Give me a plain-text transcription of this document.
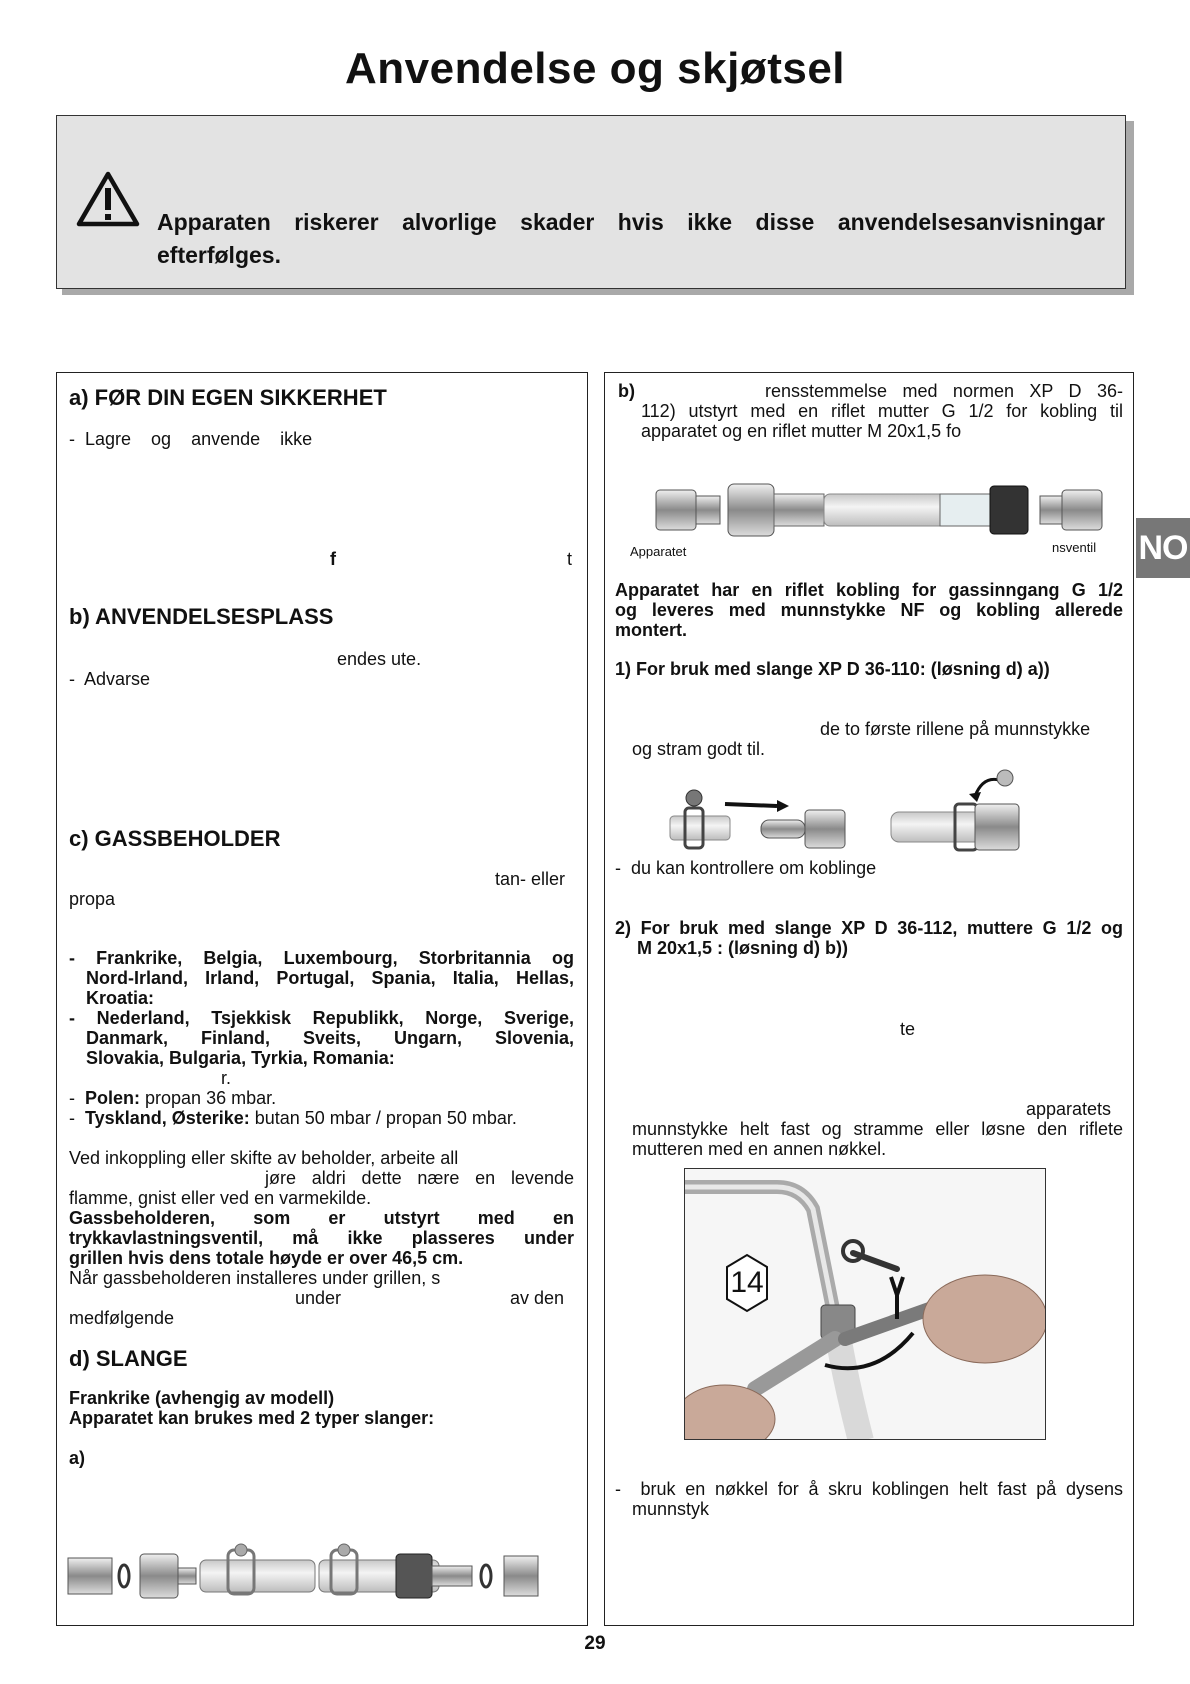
Anvendelse og skjøtsel
Apparaten riskerer alvorlige skader hvis ikke disse anvendelsesanvisningar efterfølges.
a) FØR DIN EGEN SIKKERHET
-  Lagre    og    anvende    ikke
f	t
b) ANVENDELSESPLASS
endes ute.
-  Advarse
c) GASSBEHOLDER
tan- eller
propa
- Frankrike, Belgia, Luxembourg, Storbritannia og
Nord-Irland, Irland, Portugal, Spania, Italia, Hellas,
Kroatia:
- Nederland, Tsjekkisk Republikk, Norge, Sverige,
Danmark, Finland, Sveits, Ungarn, Slovenia,
Slovakia, Bulgaria, Tyrkia, Romania:
r.
-  Polen: propan 36 mbar.
-  Tyskland, Østerike: butan 50 mbar / propan 50 mbar.
Ved inkoppling eller skifte av beholder, arbeite all
jøre aldri dette nære en levende
flamme, gnist eller ved en varmekilde.
Gassbeholderen, som er utstyrt med en
trykkavlastningsventil, må ikke plasseres under
grillen hvis dens totale høyde er over 46,5 cm.
Når gassbeholderen installeres under grillen, s
under	av den
medfølgende
d) SLANGE
Frankrike (avhengig av modell)
Apparatet kan brukes med 2 typer slanger:
a)
b)	rensstemmelse med normen XP D 36-
112) utstyrt med en riflet mutter G 1/2 for kobling til
apparatet og en riflet mutter M 20x1,5 fo
Apparatet	nsventil
Apparatet har en riflet kobling for gassinngang G 1/2
og leveres med munnstykke NF og kobling allerede
montert.
1) For bruk med slange XP D 36-110: (løsning d) a))
de to første rillene på munnstykke
og stram godt til.
-  du kan kontrollere om koblinge
2) For bruk med slange XP D 36-112, muttere G 1/2 og
M 20x1,5 : (løsning d) b))
te
apparatets
munnstykke helt fast og stramme eller løsne den riflete
mutteren med en annen nøkkel.
14
-  bruk en nøkkel for å skru koblingen helt fast på dysens
munnstyk
NO
29
